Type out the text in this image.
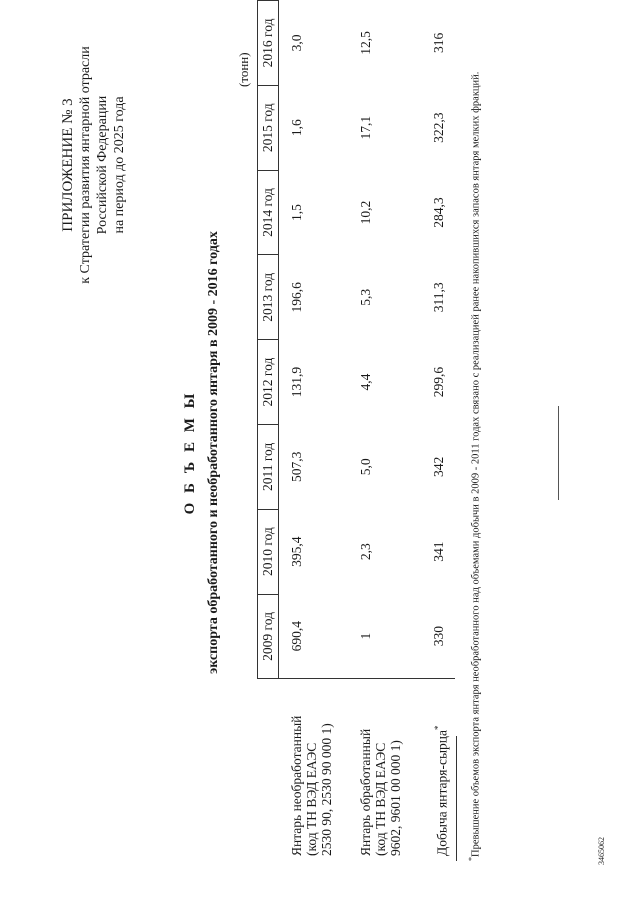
ПРИЛОЖЕНИЕ № 3 к Стратегии развития янтарной отрасли Российской Федерации на период до 2025 года
О Б Ъ Е М Ы экспорта обработанного и необработанного янтаря в 2009 - 2016 годах
(тонн)
	2009 год	2010 год	2011 год	2012 год	2013 год	2014 год	2015 год	2016 год

Янтарь необработанный (код ТН ВЭД ЕАЭС 2530 90, 2530 90 000 1)	690,4	395,4	507,3	131,9	196,6	1,5	1,6	3,0

Янтарь обработанный (код ТН ВЭД ЕАЭС 9602, 9601 00 000 1)	1	2,3	5,0	4,4	5,3	10,2	17,1	12,5
Добыча янтаря-сырца*	330	341	342	299,6	311,3	284,3	322,3	316
*Превышение объемов экспорта янтаря необработанного над объемами добычи в 2009 - 2011 годах связано с реализацией ранее накопившихся запасов янтаря мелких фракций.	3465062
